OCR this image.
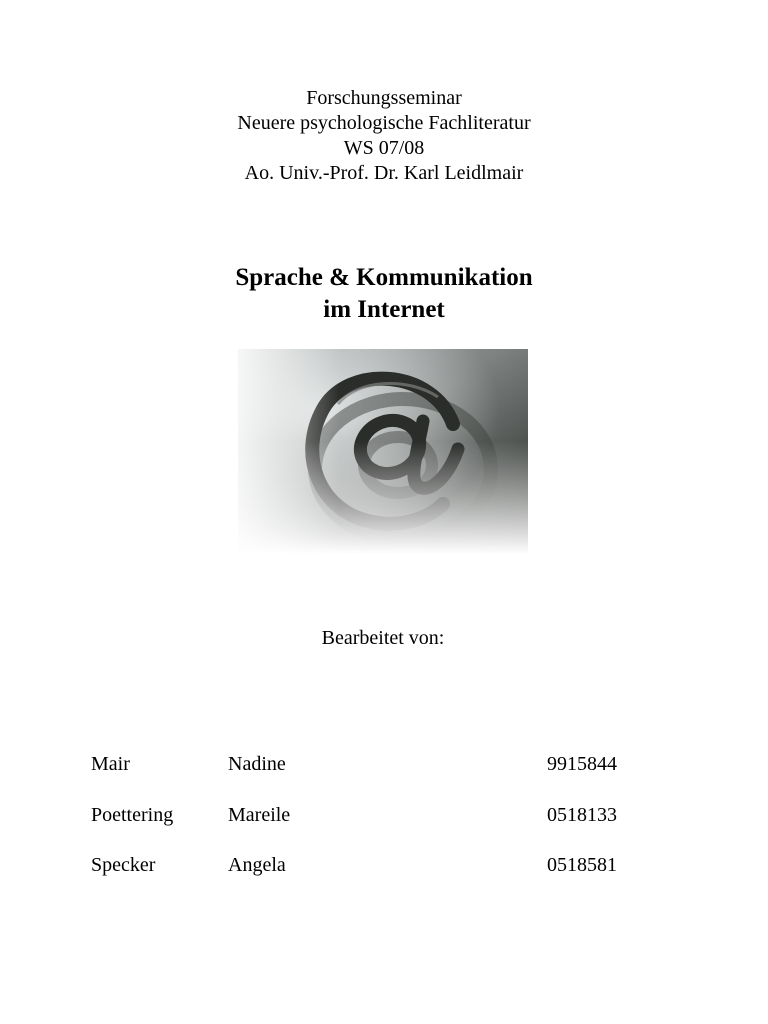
Forschungsseminar
Neuere psychologische Fachliteratur
WS 07/08
Ao. Univ.-Prof. Dr. Karl Leidlmair
Sprache & Kommunikation
im Internet
Bearbeitet von:
Mair	Nadine	9915844
Poettering	Mareile	0518133
Specker	Angela	0518581
